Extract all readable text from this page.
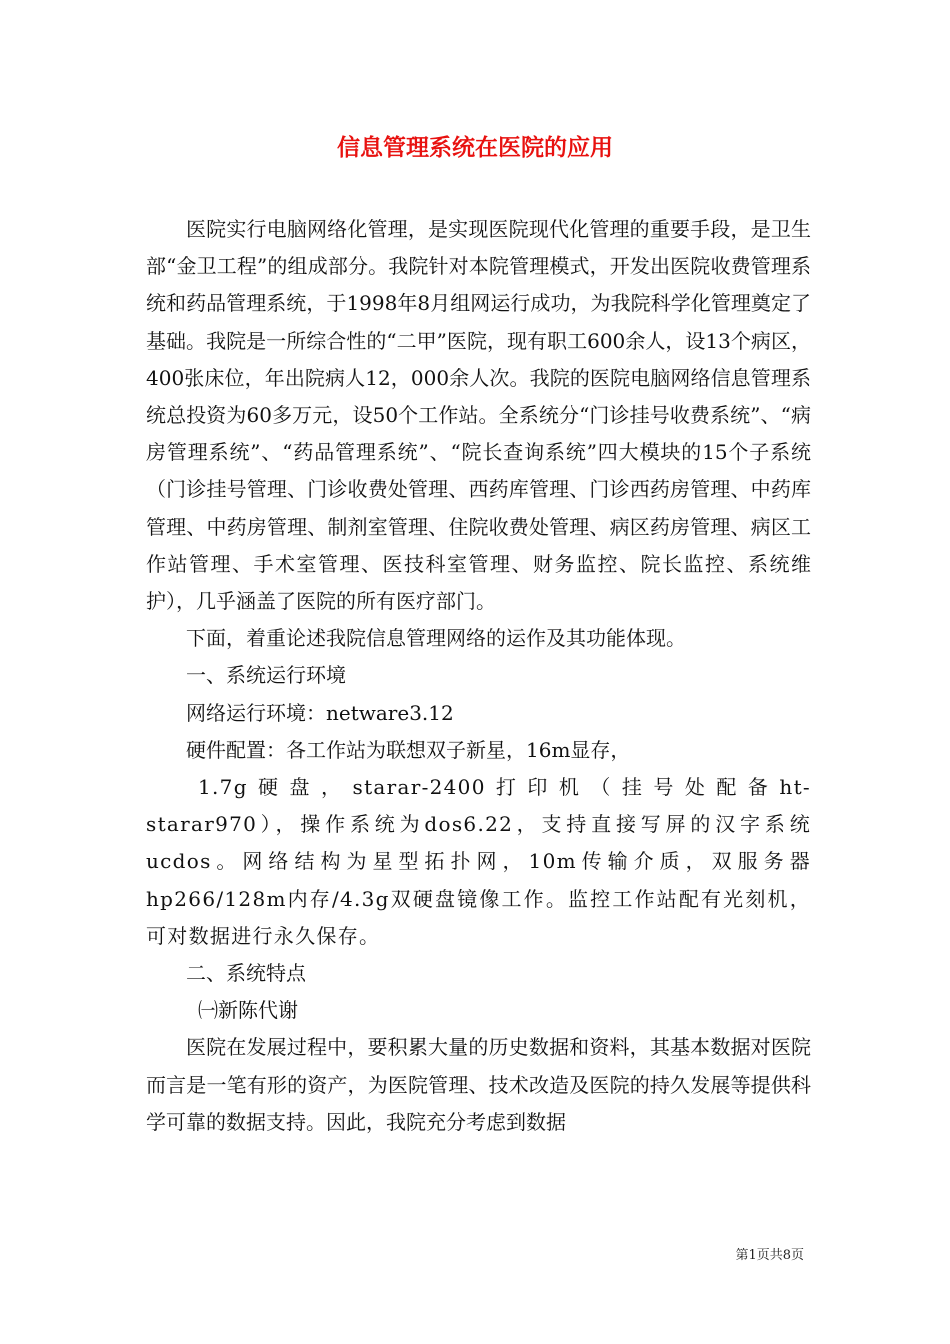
信息管理系统在医院的应用

医院实行电脑网络化管理，是实现医院现代化管理的重要手段，是卫生部“金卫工程”的组成部分。我院针对本院管理模式，开发出医院收费管理系统和药品管理系统，于1998年8月组网运行成功，为我院科学化管理奠定了基础。我院是一所综合性的“二甲”医院，现有职工600余人，设13个病区，400张床位，年出院病人12，000余人次。我院的医院电脑网络信息管理系统总投资为60多万元，设50个工作站。全系统分“门诊挂号收费系统”、“病房管理系统”、“药品管理系统”、“院长查询系统”四大模块的15个子系统（门诊挂号管理、门诊收费处管理、西药库管理、门诊西药房管理、中药库管理、中药房管理、制剂室管理、住院收费处管理、病区药房管理、病区工作站管理、手术室管理、医技科室管理、财务监控、院长监控、系统维护），几乎涵盖了医院的所有医疗部门。

下面，着重论述我院信息管理网络的运作及其功能体现。

一、系统运行环境

网络运行环境：netware3.12

硬件配置：各工作站为联想双子新星，16m显存，

1.7g硬盘，starar-2400打印机（挂号处配备ht-starar970），操作系统为dos6.22，支持直接写屏的汉字系统ucdos。网络结构为星型拓扑网，10m传输介质，双服务器hp266/128m内存/4.3g双硬盘镜像工作。监控工作站配有光刻机，可对数据进行永久保存。

二、系统特点

㈠新陈代谢

医院在发展过程中，要积累大量的历史数据和资料，其基本数据对医院而言是一笔有形的资产，为医院管理、技术改造及医院的持久发展等提供科学可靠的数据支持。因此，我院充分考虑到数据

第1页共8页
